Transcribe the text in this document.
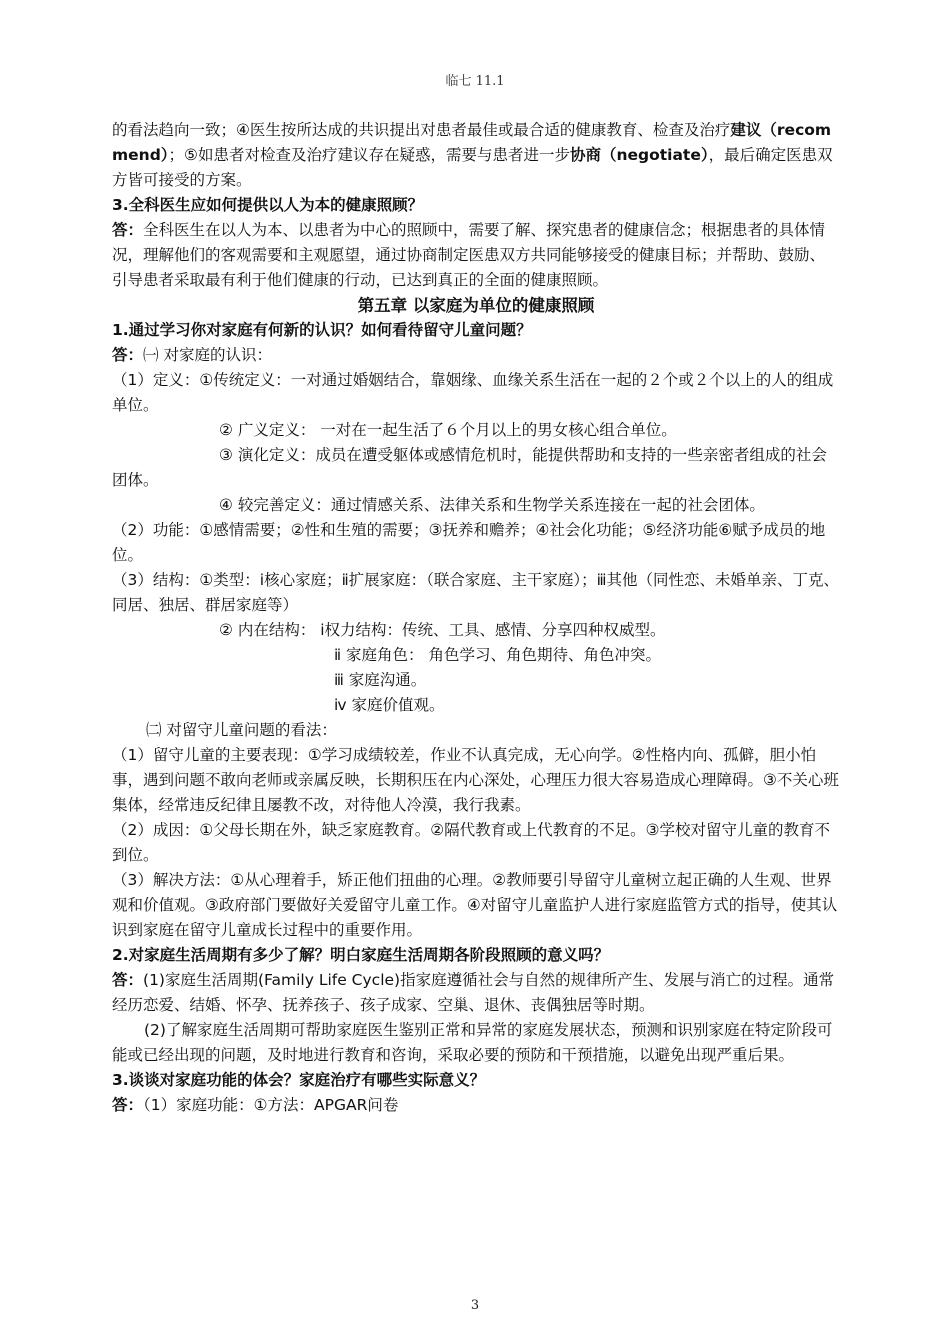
临七 11.1

的看法趋向一致；④医生按所达成的共识提出对患者最佳或最合适的健康教育、检查及治疗建议（recommend）；⑤如患者对检查及治疗建议存在疑惑，需要与患者进一步协商（negotiate），最后确定医患双方皆可接受的方案。

3.全科医生应如何提供以人为本的健康照顾？

答：全科医生在以人为本、以患者为中心的照顾中，需要了解、探究患者的健康信念；根据患者的具体情况，理解他们的客观需要和主观愿望，通过协商制定医患双方共同能够接受的健康目标；并帮助、鼓励、引导患者采取最有利于他们健康的行动，已达到真正的全面的健康照顾。

第五章 以家庭为单位的健康照顾

1.通过学习你对家庭有何新的认识？如何看待留守儿童问题？

答：㈠ 对家庭的认识：

（1）定义：①传统定义：一对通过婚姻结合，靠姻缘、血缘关系生活在一起的２个或２个以上的人的组成单位。

② 广义定义： 一对在一起生活了６个月以上的男女核心组合单位。

③ 演化定义：成员在遭受躯体或感情危机时，能提供帮助和支持的一些亲密者组成的社会团体。

④ 较完善定义：通过情感关系、法律关系和生物学关系连接在一起的社会团体。

（2）功能：①感情需要；②性和生殖的需要；③抚养和赡养；④社会化功能；⑤经济功能⑥赋予成员的地位。

（3）结构：①类型：ⅰ核心家庭；ⅱ扩展家庭：（联合家庭、主干家庭）；ⅲ其他（同性恋、未婚单亲、丁克、同居、独居、群居家庭等）

② 内在结构： ⅰ权力结构：传统、工具、感情、分享四种权威型。

ⅱ 家庭角色： 角色学习、角色期待、角色冲突。

ⅲ 家庭沟通。

ⅳ 家庭价值观。

㈡ 对留守儿童问题的看法：

（1）留守儿童的主要表现：①学习成绩较差，作业不认真完成，无心向学。②性格内向、孤僻，胆小怕事，遇到问题不敢向老师或亲属反映，长期积压在内心深处，心理压力很大容易造成心理障碍。③不关心班集体，经常违反纪律且屡教不改，对待他人冷漠，我行我素。

（2）成因：①父母长期在外，缺乏家庭教育。②隔代教育或上代教育的不足。③学校对留守儿童的教育不到位。

（3）解决方法：①从心理着手，矫正他们扭曲的心理。②教师要引导留守儿童树立起正确的人生观、世界观和价值观。③政府部门要做好关爱留守儿童工作。④对留守儿童监护人进行家庭监管方式的指导，使其认识到家庭在留守儿童成长过程中的重要作用。

2.对家庭生活周期有多少了解？明白家庭生活周期各阶段照顾的意义吗？

答：(1)家庭生活周期(Family Life Cycle)指家庭遵循社会与自然的规律所产生、发展与消亡的过程。通常经历恋爱、结婚、怀孕、抚养孩子、孩子成家、空巢、退休、丧偶独居等时期。

(2)了解家庭生活周期可帮助家庭医生鉴别正常和异常的家庭发展状态，预测和识别家庭在特定阶段可能或已经出现的问题，及时地进行教育和咨询，采取必要的预防和干预措施，以避免出现严重后果。

3.谈谈对家庭功能的体会？家庭治疗有哪些实际意义？

答：（1）家庭功能：①方法：APGAR问卷

3
